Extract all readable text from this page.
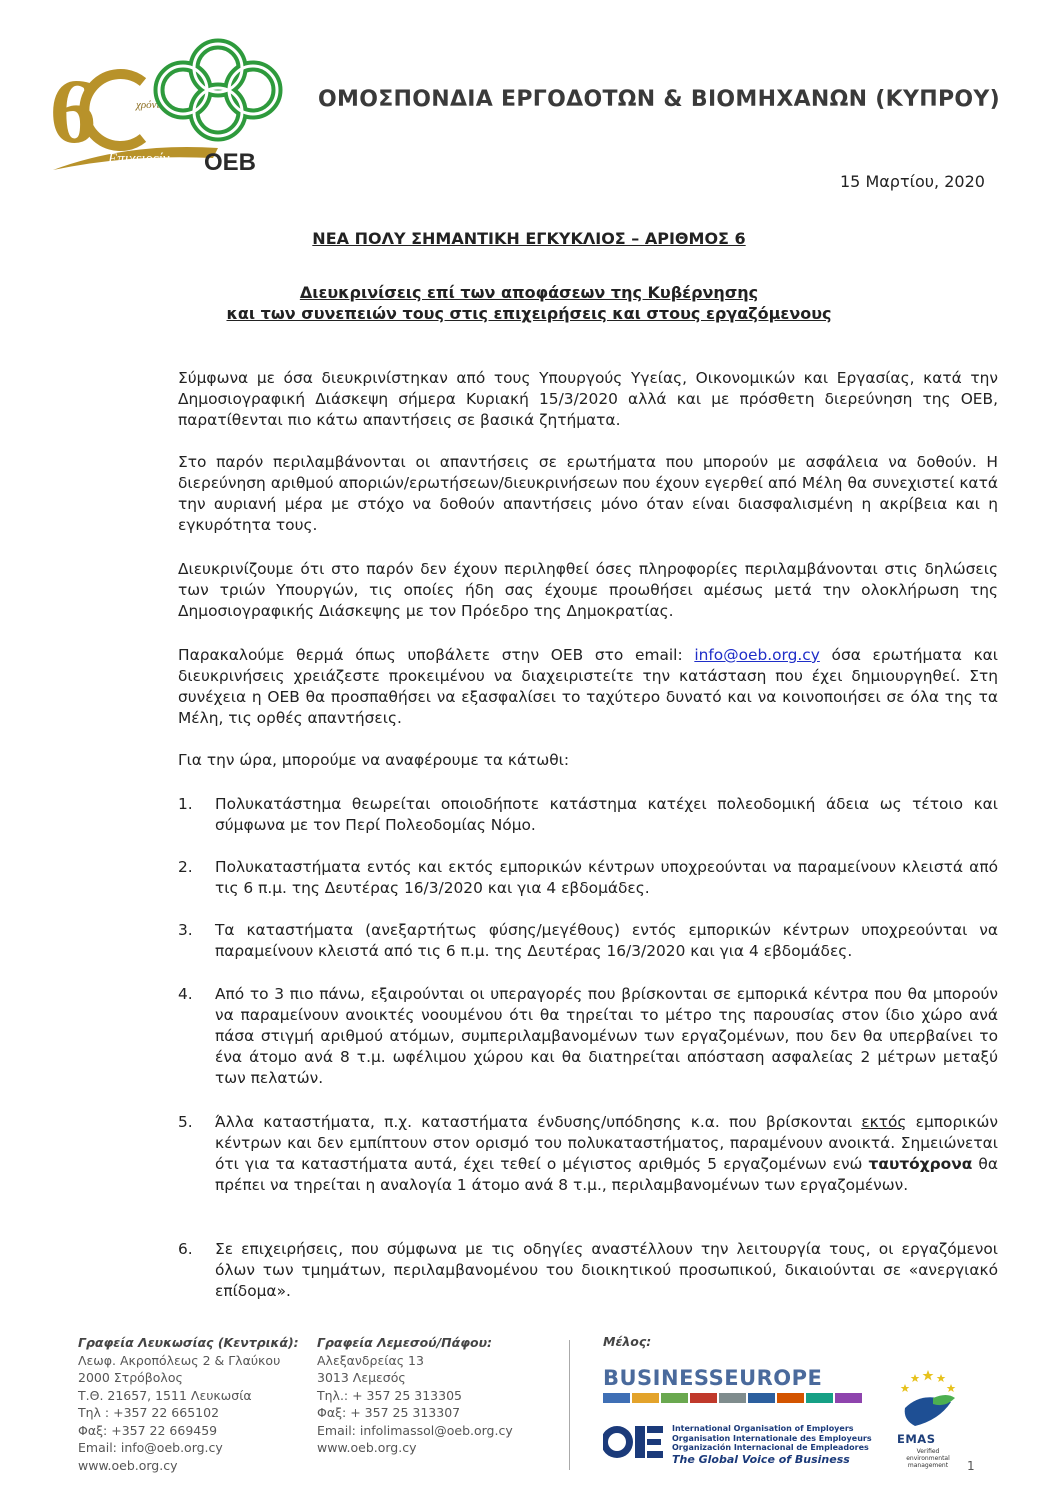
6	χρόνια
Επιχειρείν OEB
ΟΜΟΣΠΟΝΔΙΑ ΕΡΓΟΔΟΤΩΝ & ΒΙΟΜΗΧΑΝΩΝ (ΚΥΠΡΟΥ)
15 Μαρτίου, 2020
ΝΕΑ ΠΟΛΥ ΣΗΜΑΝΤΙΚΗ ΕΓΚΥΚΛΙΟΣ – ΑΡΙΘΜΟΣ 6
Διευκρινίσεις επί των αποφάσεων της Κυβέρνησης
και των συνεπειών τους στις επιχειρήσεις και στους εργαζόμενους
Σύμφωνα με όσα διευκρινίστηκαν από τους Υπουργούς Υγείας, Οικονομικών και Εργασίας, κατά την Δημοσιογραφική Διάσκεψη σήμερα Κυριακή 15/3/2020 αλλά και με πρόσθετη διερεύνηση της ΟΕΒ, παρατίθενται πιο κάτω απαντήσεις σε βασικά ζητήματα.
Στο παρόν περιλαμβάνονται οι απαντήσεις σε ερωτήματα που μπορούν με ασφάλεια να δοθούν. Η διερεύνηση αριθμού αποριών/ερωτήσεων/διευκρινήσεων που έχουν εγερθεί από Μέλη θα συνεχιστεί κατά την αυριανή μέρα με στόχο να δοθούν απαντήσεις μόνο όταν είναι διασφαλισμένη η ακρίβεια και η εγκυρότητα τους.
Διευκρινίζουμε ότι στο παρόν δεν έχουν περιληφθεί όσες πληροφορίες περιλαμβάνονται στις δηλώσεις των τριών Υπουργών, τις οποίες ήδη σας έχουμε προωθήσει αμέσως μετά την ολοκλήρωση της Δημοσιογραφικής Διάσκεψης με τον Πρόεδρο της Δημοκρατίας.
Παρακαλούμε θερμά όπως υποβάλετε στην ΟΕΒ στο email: info@oeb.org.cy όσα ερωτήματα και διευκρινήσεις χρειάζεστε προκειμένου να διαχειριστείτε την κατάσταση που έχει δημιουργηθεί. Στη συνέχεια η ΟΕΒ θα προσπαθήσει να εξασφαλίσει το ταχύτερο δυνατό και να κοινοποιήσει σε όλα της τα Μέλη, τις ορθές απαντήσεις.
Για την ώρα, μπορούμε να αναφέρουμε τα κάτωθι:
1. Πολυκατάστημα θεωρείται οποιοδήποτε κατάστημα κατέχει πολεοδομική άδεια ως τέτοιο και σύμφωνα με τον Περί Πολεοδομίας Νόμο.
2. Πολυκαταστήματα εντός και εκτός εμπορικών κέντρων υποχρεούνται να παραμείνουν κλειστά από τις 6 π.μ. της Δευτέρας 16/3/2020 και για 4 εβδομάδες.
3. Τα καταστήματα (ανεξαρτήτως φύσης/μεγέθους) εντός εμπορικών κέντρων υποχρεούνται να παραμείνουν κλειστά από τις 6 π.μ. της Δευτέρας 16/3/2020 και για 4 εβδομάδες.
4. Από το 3 πιο πάνω, εξαιρούνται οι υπεραγορές που βρίσκονται σε εμπορικά κέντρα που θα μπορούν να παραμείνουν ανοικτές νοουμένου ότι θα τηρείται το μέτρο της παρουσίας στον ίδιο χώρο ανά πάσα στιγμή αριθμού ατόμων, συμπεριλαμβανομένων των εργαζομένων, που δεν θα υπερβαίνει το ένα άτομο ανά 8 τ.μ. ωφέλιμου χώρου και θα διατηρείται απόσταση ασφαλείας 2 μέτρων μεταξύ των πελατών.
5. Άλλα καταστήματα, π.χ. καταστήματα ένδυσης/υπόδησης κ.α. που βρίσκονται εκτός εμπορικών κέντρων και δεν εμπίπτουν στον ορισμό του πολυκαταστήματος, παραμένουν ανοικτά. Σημειώνεται ότι για τα καταστήματα αυτά, έχει τεθεί ο μέγιστος αριθμός 5 εργαζομένων ενώ ταυτόχρονα θα πρέπει να τηρείται η αναλογία 1 άτομο ανά 8 τ.μ., περιλαμβανομένων των εργαζομένων.
6. Σε επιχειρήσεις, που σύμφωνα με τις οδηγίες αναστέλλουν την λειτουργία τους, οι εργαζόμενοι όλων των τμημάτων, περιλαμβανομένου του διοικητικού προσωπικού, δικαιούνται σε «ανεργιακό επίδομα».
Γραφεία Λευκωσίας (Κεντρικά):
Λεωφ. Ακροπόλεως 2 & Γλαύκου
2000 Στρόβολος
Τ.Θ. 21657, 1511 Λευκωσία
Τηλ : +357 22 665102
Φαξ: +357 22 669459
Email: info@oeb.org.cy
www.oeb.org.cy
Γραφεία Λεμεσού/Πάφου:
Αλεξανδρείας 13
3013 Λεμεσός
Τηλ.: + 357 25 313305
Φαξ: + 357 25 313307
Email: infolimassol@oeb.org.cy
www.oeb.org.cy
Μέλος:
BUSINESSEUROPE
International Organisation of Employers
Organisation Internationale des Employeurs
Organización Internacional de Empleadores
The Global Voice of Business
EMAS
Verified environmental management	1
